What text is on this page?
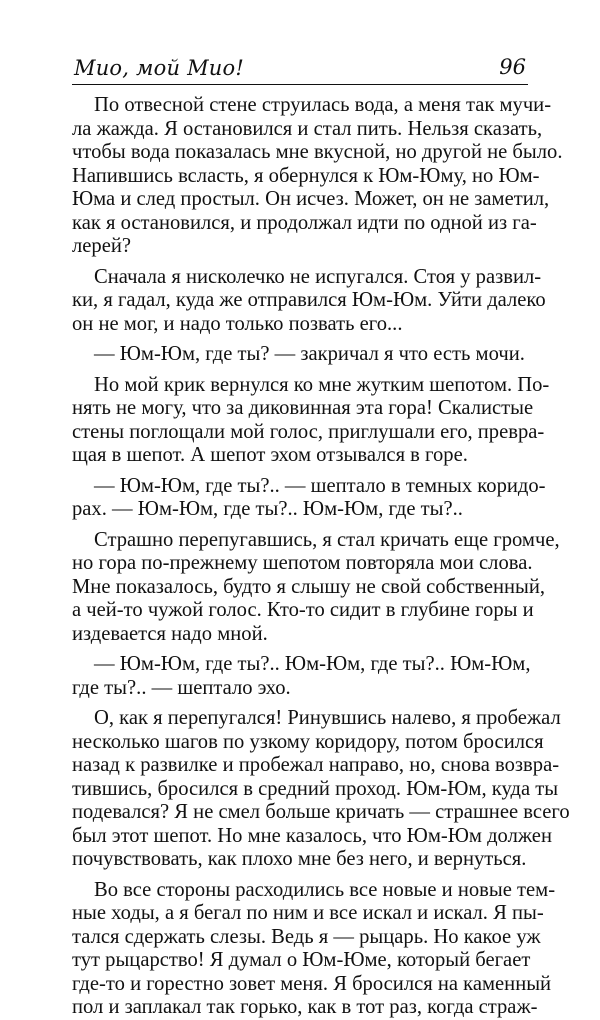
Мио, мой Мио!	96

По отвесной стене струилась вода, а меня так мучи-
ла жажда. Я остановился и стал пить. Нельзя сказать,
чтобы вода показалась мне вкусной, но другой не было.
Напившись всласть, я обернулся к Юм-Юму, но Юм-
Юма и след простыл. Он исчез. Может, он не заметил,
как я остановился, и продолжал идти по одной из га-
лерей?

Сначала я нисколечко не испугался. Стоя у развил-
ки, я гадал, куда же отправился Юм-Юм. Уйти далеко
он не мог, и надо только позвать его...

— Юм-Юм, где ты? — закричал я что есть мочи.

Но мой крик вернулся ко мне жутким шепотом. По-
нять не могу, что за диковинная эта гора! Скалистые
стены поглощали мой голос, приглушали его, превра-
щая в шепот. А шепот эхом отзывался в горе.

— Юм-Юм, где ты?.. — шептало в темных коридо-
рах. — Юм-Юм, где ты?.. Юм-Юм, где ты?..

Страшно перепугавшись, я стал кричать еще громче,
но гора по-прежнему шепотом повторяла мои слова.
Мне показалось, будто я слышу не свой собственный,
а чей-то чужой голос. Кто-то сидит в глубине горы и
издевается надо мной.

— Юм-Юм, где ты?.. Юм-Юм, где ты?.. Юм-Юм,
где ты?.. — шептало эхо.

О, как я перепугался! Ринувшись налево, я пробежал
несколько шагов по узкому коридору, потом бросился
назад к развилке и пробежал направо, но, снова возвра-
тившись, бросился в средний проход. Юм-Юм, куда ты
подевался? Я не смел больше кричать — страшнее всего
был этот шепот. Но мне казалось, что Юм-Юм должен
почувствовать, как плохо мне без него, и вернуться.

Во все стороны расходились все новые и новые тем-
ные ходы, а я бегал по ним и все искал и искал. Я пы-
тался сдержать слезы. Ведь я — рыцарь. Но какое уж
тут рыцарство! Я думал о Юм-Юме, который бегает
где-то и горестно зовет меня. Я бросился на каменный
пол и заплакал так горько, как в тот раз, когда страж-
